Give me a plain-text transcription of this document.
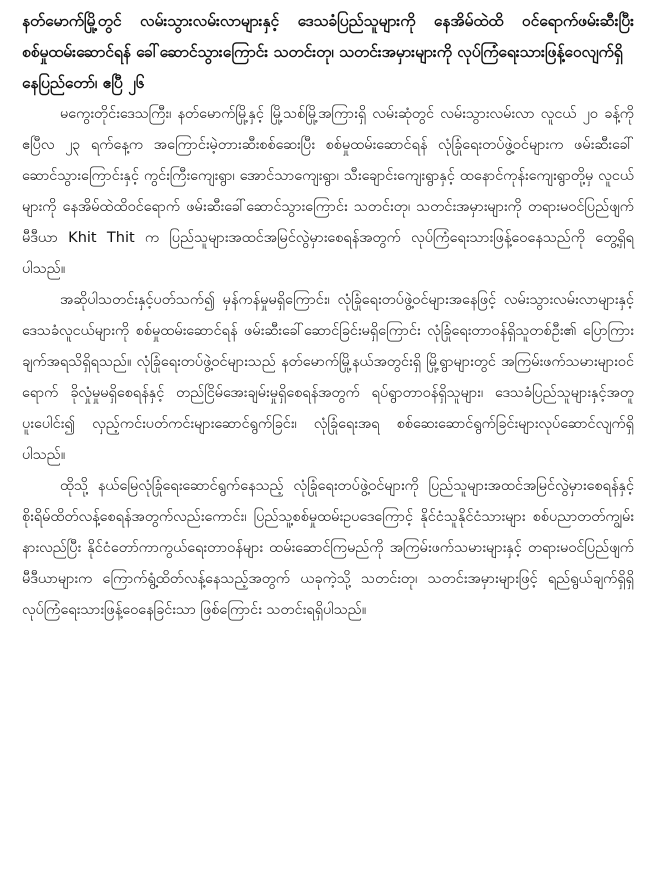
နတ်မောက်မြို့တွင် လမ်းသွားလမ်းလာများနှင့် ဒေသခံပြည်သူများကို နေအိမ်ထဲထိ ဝင်ရောက်ဖမ်းဆီးပြီး စစ်မှုထမ်းဆောင်ရန် ခေါ်ဆောင်သွားကြောင်း သတင်းတု၊ သတင်းအမှားများကို လုပ်ကြံရေးသားဖြန့်ဝေလျက်ရှိ

နေပြည်တော်၊ ဧပြီ ၂၆

မကွေးတိုင်းဒေသကြီး၊ နတ်မောက်မြို့နှင့် မြို့သစ်မြို့အကြားရှိ လမ်းဆုံတွင် လမ်းသွားလမ်းလာ လူငယ် ၂၀ ခန့်ကို ဧပြီလ ၂၃ ရက်နေ့က အကြောင်းမဲ့တားဆီးစစ်ဆေးပြီး စစ်မှုထမ်းဆောင်ရန် လုံခြုံရေးတပ်ဖွဲ့ဝင်များက ဖမ်းဆီးခေါ်ဆောင်သွားကြောင်းနှင့် ကွင်းကြီးကျေးရွာ၊ အောင်သာကျေးရွာ၊ သီးချောင်းကျေးရွာနှင့် ထနောင်ကုန်းကျေးရွာတို့မှ လူငယ်များကို နေအိမ်ထဲထိဝင်ရောက် ဖမ်းဆီးခေါ်ဆောင်သွားကြောင်း သတင်းတု၊ သတင်းအမှားများကို တရားမဝင်ပြည်ဖျက်မီဒီယာ Khit Thit က ပြည်သူများအထင်အမြင်လွဲမှားစေရန်အတွက် လုပ်ကြံရေးသားဖြန့်ဝေနေသည်ကို တွေ့ရှိရပါသည်။

အဆိုပါသတင်းနှင့်ပတ်သက်၍ မှန်ကန်မှုမရှိကြောင်း၊ လုံခြုံရေးတပ်ဖွဲ့ဝင်များအနေဖြင့် လမ်းသွားလမ်းလာများနှင့် ဒေသခံလူငယ်များကို စစ်မှုထမ်းဆောင်ရန် ဖမ်းဆီးခေါ်ဆောင်ခြင်းမရှိကြောင်း လုံခြုံရေးတာဝန်ရှိသူတစ်ဦး၏ ပြောကြားချက်အရသိရှိရသည်။ လုံခြုံရေးတပ်ဖွဲ့ဝင်များသည် နတ်မောက်မြို့နယ်အတွင်းရှိ မြို့ရွာများတွင် အကြမ်းဖက်သမားများဝင်ရောက် ခိုလှုံမှုမရှိစေရန်နှင့် တည်ငြိမ်အေးချမ်းမှုရှိစေရန်အတွက် ရပ်ရွာတာဝန်ရှိသူများ၊ ဒေသခံပြည်သူများနှင့်အတူ ပူးပေါင်း၍ လှည့်ကင်းပတ်ကင်းများဆောင်ရွက်ခြင်း၊ လုံခြုံရေးအရ စစ်ဆေးဆောင်ရွက်ခြင်းများလုပ်ဆောင်လျက်ရှိပါသည်။

ထိုသို့ နယ်မြေလုံခြုံရေးဆောင်ရွက်နေသည့် လုံခြုံရေးတပ်ဖွဲ့ဝင်များကို ပြည်သူများအထင်အမြင်လွဲမှားစေရန်နှင့် စိုးရိမ်ထိတ်လန့်စေရန်အတွက်လည်းကောင်း၊ ပြည်သူ့စစ်မှုထမ်းဥပဒေကြောင့် နိုင်ငံသူနိုင်ငံသားများ စစ်ပညာတတ်ကျွမ်းနားလည်ပြီး နိုင်ငံတော်ကာကွယ်ရေးတာဝန်များ ထမ်းဆောင်ကြမည်ကို အကြမ်းဖက်သမားများနှင့် တရားမဝင်ပြည်ဖျက်မီဒီယာများက ကြောက်ရွံ့ထိတ်လန့်နေသည့်အတွက် ယခုကဲ့သို့ သတင်းတု၊ သတင်းအမှားများဖြင့် ရည်ရွယ်ချက်ရှိရှိ လုပ်ကြံရေးသားဖြန့်ဝေနေခြင်းသာ ဖြစ်ကြောင်း သတင်းရရှိပါသည်။
